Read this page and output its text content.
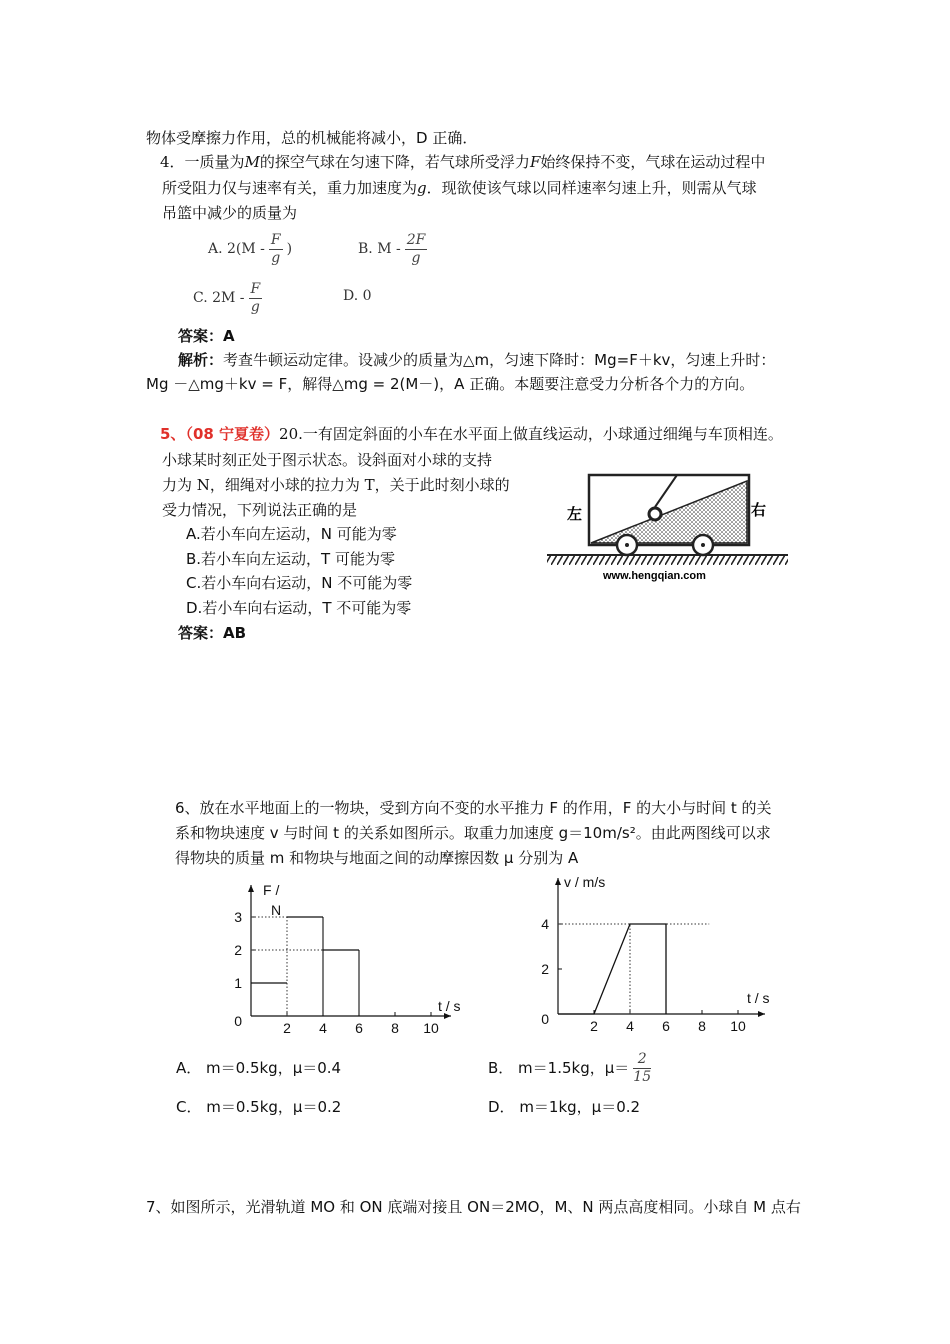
物体受摩擦力作用，总的机械能将减小，D 正确．
4．一质量为M的探空气球在匀速下降，若气球所受浮力F始终保持不变，气球在运动过程中
所受阻力仅与速率有关，重力加速度为g．现欲使该气球以同样速率匀速上升，则需从气球
吊篮中减少的质量为
A. $2(M - \frac{F}{g}$ )	B. M - $\frac{2F}{g}$
C. $2M - \frac{F}{g}$	D. 0
答案：A
解析：考查牛顿运动定律。设减少的质量为△m，匀速下降时：Mg=F＋kv，匀速上升时：
Mg －△mg＋kv = F，解得△mg = 2(M－)，A 正确。本题要注意受力分析各个力的方向。
5、（08 宁夏卷）20.一有固定斜面的小车在水平面上做直线运动，小球通过细绳与车顶相连。
小球某时刻正处于图示状态。设斜面对小球的支持
力为 N，细绳对小球的拉力为 T，关于此时刻小球的
受力情况，下列说法正确的是
A.若小车向左运动，N 可能为零
B.若小车向左运动，T 可能为零
C.若小车向右运动，N 不可能为零
D.若小车向右运动，T 不可能为零
答案：AB
左	右
www.hengqian.com
6、放在水平地面上的一物块，受到方向不变的水平推力 F 的作用，F 的大小与时间 t 的关
系和物块速度 v 与时间 t 的关系如图所示。取重力加速度 g＝10m/s²。由此两图线可以求
得物块的质量 m 和物块与地面之间的动摩擦因数 μ 分别为 A
2 4 6 8 10
0
1
2
3
t / s
F / N
2 4 6 8 10
0
2
4
t / s
v / m/s
A． m＝0.5kg，μ＝0.4	B． m＝1.5kg，$\mu= \frac{2}{15}$
C． m＝0.5kg，μ＝0.2	D． m＝1kg，μ＝0.2
7、如图所示，光滑轨道 MO 和 ON 底端对接且 ON＝2MO，M、N 两点高度相同。小球自 M 点右
